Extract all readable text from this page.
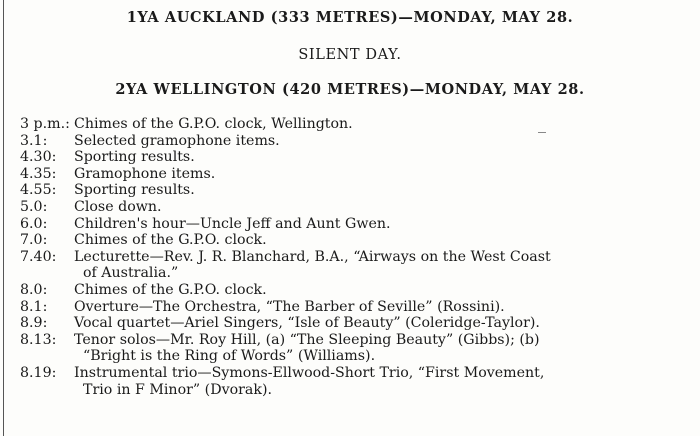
1YA AUCKLAND (333 METRES)—MONDAY, MAY 28.
SILENT DAY.
2YA WELLINGTON (420 METRES)—MONDAY, MAY 28.
3 p.m.: Chimes of the G.P.O. clock, Wellington.
3.1:	Selected gramophone items.
4.30:	Sporting results.
4.35:	Gramophone items.
4.55:	Sporting results.
5.0:	Close down.
6.0:	Children's hour—Uncle Jeff and Aunt Gwen.
7.0:	Chimes of the G.P.O. clock.
7.40:	Lecturette—Rev. J. R. Blanchard, B.A., “Airways on the West Coast
of Australia.”
8.0:	Chimes of the G.P.O. clock.
8.1:	Overture—The Orchestra, “The Barber of Seville” (Rossini).
8.9:	Vocal quartet—Ariel Singers, “Isle of Beauty” (Coleridge-Taylor).
8.13:	Tenor solos—Mr. Roy Hill, (a) “The Sleeping Beauty” (Gibbs); (b)
“Bright is the Ring of Words” (Williams).
8.19:	Instrumental trio—Symons-Ellwood-Short Trio, “First Movement,
Trio in F Minor” (Dvorak).
